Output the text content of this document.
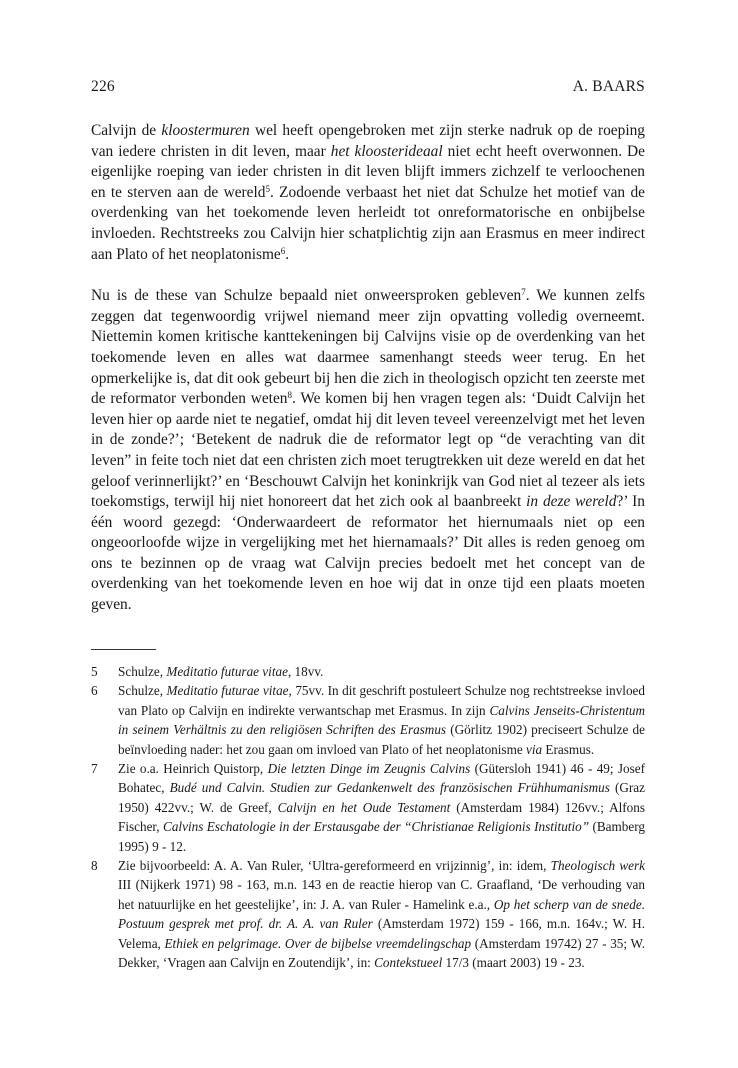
226	A. BAARS

Calvijn de kloostermuren wel heeft opengebroken met zijn sterke nadruk op de roeping van iedere christen in dit leven, maar het kloosterideaal niet echt heeft overwonnen. De eigenlijke roeping van ieder christen in dit leven blijft immers zichzelf te verloochenen en te sterven aan de wereld$^5$. Zodoende verbaast het niet dat Schulze het motief van de overdenking van het toekomende leven herleidt tot onreformatorische en onbijbelse invloeden. Rechtstreeks zou Calvijn hier schatplichtig zijn aan Erasmus en meer indirect aan Plato of het neoplatonisme$^6$.

Nu is de these van Schulze bepaald niet onweersproken gebleven$^7$. We kunnen zelfs zeggen dat tegenwoordig vrijwel niemand meer zijn opvatting volledig overneemt. Niettemin komen kritische kanttekeningen bij Calvijns visie op de overdenking van het toekomende leven en alles wat daarmee samenhangt steeds weer terug. En het opmerkelijke is, dat dit ook gebeurt bij hen die zich in theologisch opzicht ten zeerste met de reformator verbonden weten$^8$. We komen bij hen vragen tegen als: ‘Duidt Calvijn het leven hier op aarde niet te negatief, omdat hij dit leven teveel vereenzelvigt met het leven in de zonde?’; ‘Betekent de nadruk die de reformator legt op “de verachting van dit leven” in feite toch niet dat een christen zich moet terugtrekken uit deze wereld en dat het geloof verinnerlijkt?’ en ‘Beschouwt Calvijn het koninkrijk van God niet al tezeer als iets toekomstigs, terwijl hij niet honoreert dat het zich ook al baanbreekt in deze wereld?’ In één woord gezegd: ‘Onderwaardeert de reformator het hiernumaals niet op een ongeoorloofde wijze in vergelijking met het hiernamaals?’ Dit alles is reden genoeg om ons te bezinnen op de vraag wat Calvijn precies bedoelt met het concept van de overdenking van het toekomende leven en hoe wij dat in onze tijd een plaats moeten geven.

5	Schulze, Meditatio futurae vitae, 18vv.
6	Schulze, Meditatio futurae vitae, 75vv. In dit geschrift postuleert Schulze nog rechtstreekse invloed van Plato op Calvijn en indirekte verwantschap met Erasmus. In zijn Calvins Jenseits-Christentum in seinem Verhältnis zu den religiösen Schriften des Erasmus (Görlitz 1902) preciseert Schulze de beïnvloeding nader: het zou gaan om invloed van Plato of het neoplatonisme via Erasmus.
7	Zie o.a. Heinrich Quistorp, Die letzten Dinge im Zeugnis Calvins (Gütersloh 1941) 46 - 49; Josef Bohatec, Budé und Calvin. Studien zur Gedankenwelt des französischen Frühhumanismus (Graz 1950) 422vv.; W. de Greef, Calvijn en het Oude Testament (Amsterdam 1984) 126vv.; Alfons Fischer, Calvins Eschatologie in der Erstausgabe der “Christianae Religionis Institutio” (Bamberg 1995) 9 - 12.
8	Zie bijvoorbeeld: A. A. Van Ruler, ‘Ultra-gereformeerd en vrijzinnig’, in: idem, Theologisch werk III (Nijkerk 1971) 98 - 163, m.n. 143 en de reactie hierop van C. Graafland, ‘De verhouding van het natuurlijke en het geestelijke’, in: J. A. van Ruler - Hamelink e.a., Op het scherp van de snede. Postuum gesprek met prof. dr. A. A. van Ruler (Amsterdam 1972) 159 - 166, m.n. 164v.; W. H. Velema, Ethiek en pelgrimage. Over de bijbelse vreemdelingschap (Amsterdam 19742) 27 - 35; W. Dekker, ‘Vragen aan Calvijn en Zoutendijk’, in: Contekstueel 17/3 (maart 2003) 19 - 23.
